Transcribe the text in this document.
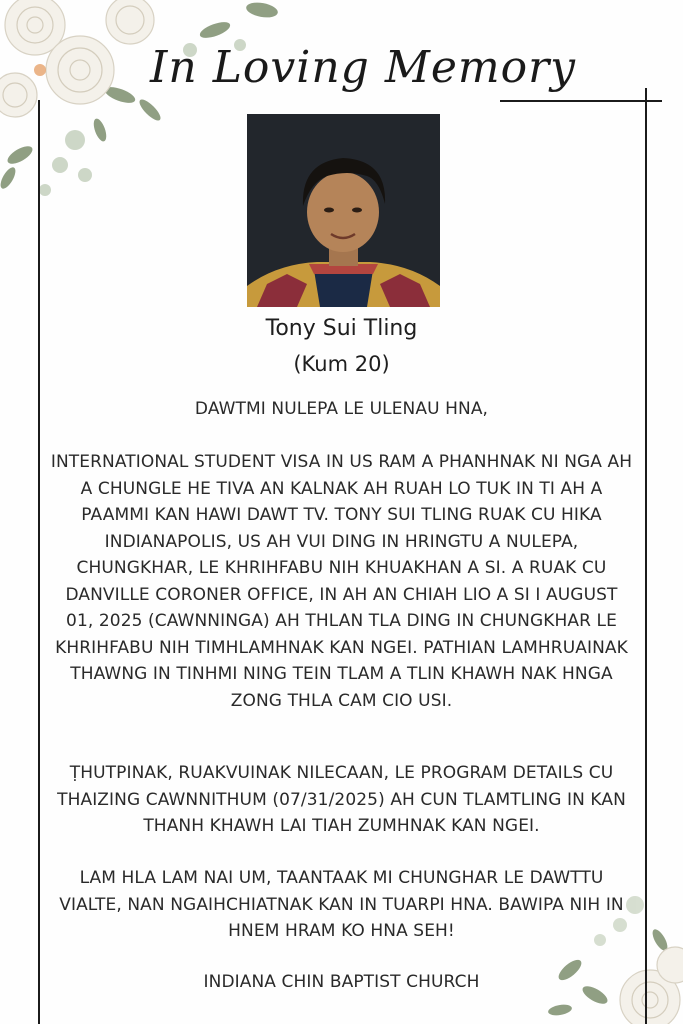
In Loving Memory
Tony Sui Tling
(Kum 20)

DAWTMI NULEPA LE ULENAU HNA,

INTERNATIONAL STUDENT VISA IN US RAM A PHANHNAK NI NGA AH A CHUNGLE HE TIVA AN KALNAK AH RUAH LO TUK IN TI AH A PAAMMI KAN HAWI DAWT TV. TONY SUI TLING RUAK CU HIKA INDIANAPOLIS, US AH VUI DING IN HRINGTU A NULEPA, CHUNGKHAR, LE KHRIHFABU NIH KHUAKHAN A SI. A RUAK CU DANVILLE CORONER OFFICE, IN AH AN CHIAH LIO A SI I AUGUST 01, 2025 (CAWNNINGA) AH THLAN TLA DING IN CHUNGKHAR LE KHRIHFABU NIH TIMHLAMHNAK KAN NGEI. PATHIAN LAMHRUAINAK THAWNG IN TINHMI NING TEIN TLAM A TLIN KHAWH NAK HNGA ZONG THLA CAM CIO USI.

ṬHUTPINAK, RUAKVUINAK NILECAAN, LE PROGRAM DETAILS CU THAIZING CAWNNITHUM (07/31/2025) AH CUN TLAMTLING IN KAN THANH KHAWH LAI TIAH ZUMHNAK KAN NGEI.

LAM HLA LAM NAI UM, TAANTAAK MI CHUNGHAR LE DAWTTU VIALTE, NAN NGAIHCHIATNAK KAN IN TUARPI HNA. BAWIPA NIH IN HNEM HRAM KO HNA SEH!

INDIANA CHIN BAPTIST CHURCH
